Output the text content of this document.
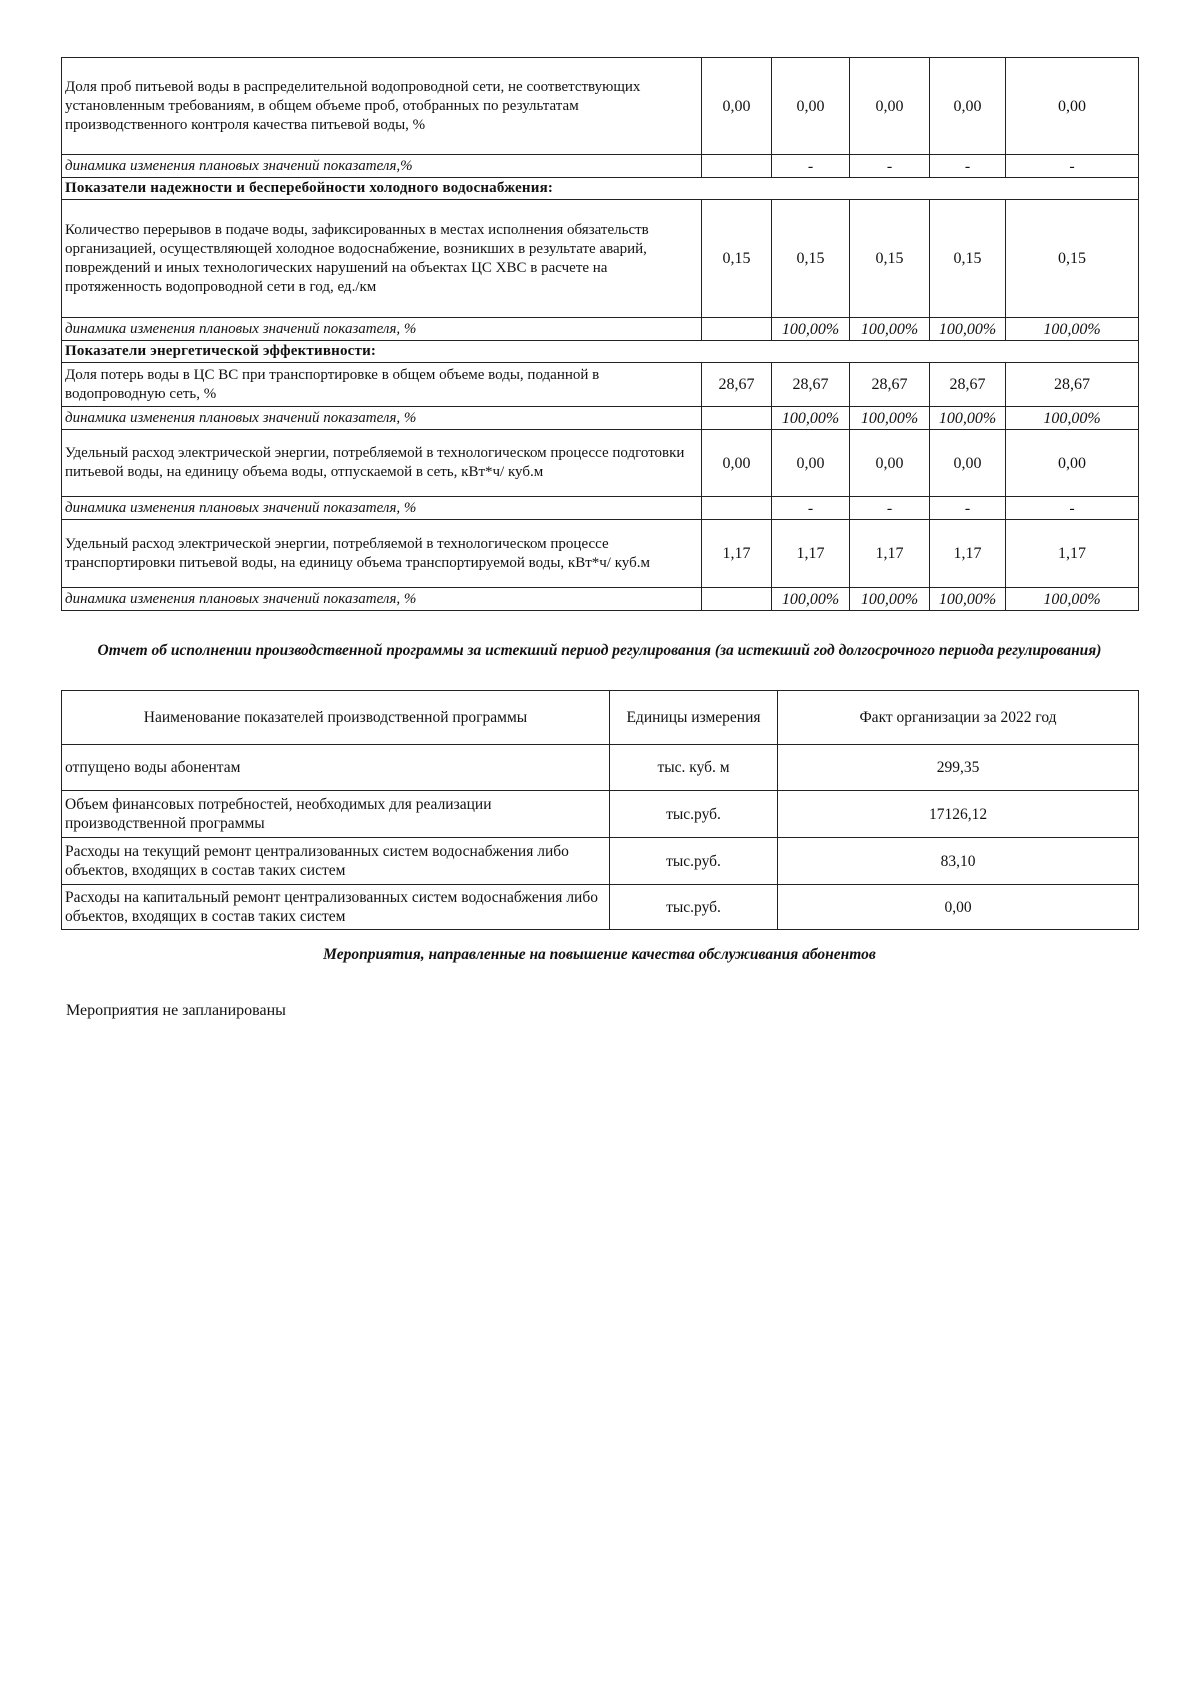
Доля проб питьевой воды в распределительной водопроводной сети, не соответствующих установленным требованиям, в общем объеме проб, отобранных по результатам производственного контроля качества питьевой воды, %	0,00	0,00	0,00	0,00	0,00
динамика изменения плановых значений показателя,%		-	-	-	-
Показатели надежности и бесперебойности холодного водоснабжения:					
Количество перерывов в подаче воды, зафиксированных в местах исполнения обязательств организацией, осуществляющей холодное водоснабжение, возникших в результате аварий, повреждений и иных технологических нарушений на объектах ЦС ХВС в расчете на протяженность водопроводной сети в год, ед./км	0,15	0,15	0,15	0,15	0,15
динамика изменения плановых значений показателя, %		100,00%	100,00%	100,00%	100,00%
Показатели энергетической эффективности:					
Доля потерь воды в ЦС ВС при транспортировке в общем объеме воды, поданной в водопроводную сеть, %	28,67	28,67	28,67	28,67	28,67
динамика изменения плановых значений показателя, %		100,00%	100,00%	100,00%	100,00%
Удельный расход электрической энергии, потребляемой в технологическом процессе подготовки питьевой воды, на единицу объема воды, отпускаемой в сеть, кВт*ч/ куб.м	0,00	0,00	0,00	0,00	0,00
динамика изменения плановых значений показателя, %		-	-	-	-
Удельный расход электрической энергии, потребляемой в технологическом процессе транспортировки питьевой воды, на единицу объема транспортируемой воды, кВт*ч/ куб.м	1,17	1,17	1,17	1,17	1,17
динамика изменения плановых значений показателя, %		100,00%	100,00%	100,00%	100,00%
Отчет об исполнении производственной программы за истекший период регулирования (за истекший год долгосрочного периода регулирования)
Наименование показателей производственной программы	Единицы измерения	Факт организации за 2022 год
отпущено воды абонентам	тыс. куб. м	299,35
Объем финансовых потребностей, необходимых для реализации производственной программы	тыс.руб.	17126,12
Расходы на текущий ремонт централизованных систем водоснабжения либо объектов, входящих в состав таких систем	тыс.руб.	83,10
Расходы на капитальный ремонт централизованных систем водоснабжения либо объектов, входящих в состав таких систем	тыс.руб.	0,00
Мероприятия, направленные на повышение качества обслуживания абонентов
Мероприятия не запланированы
